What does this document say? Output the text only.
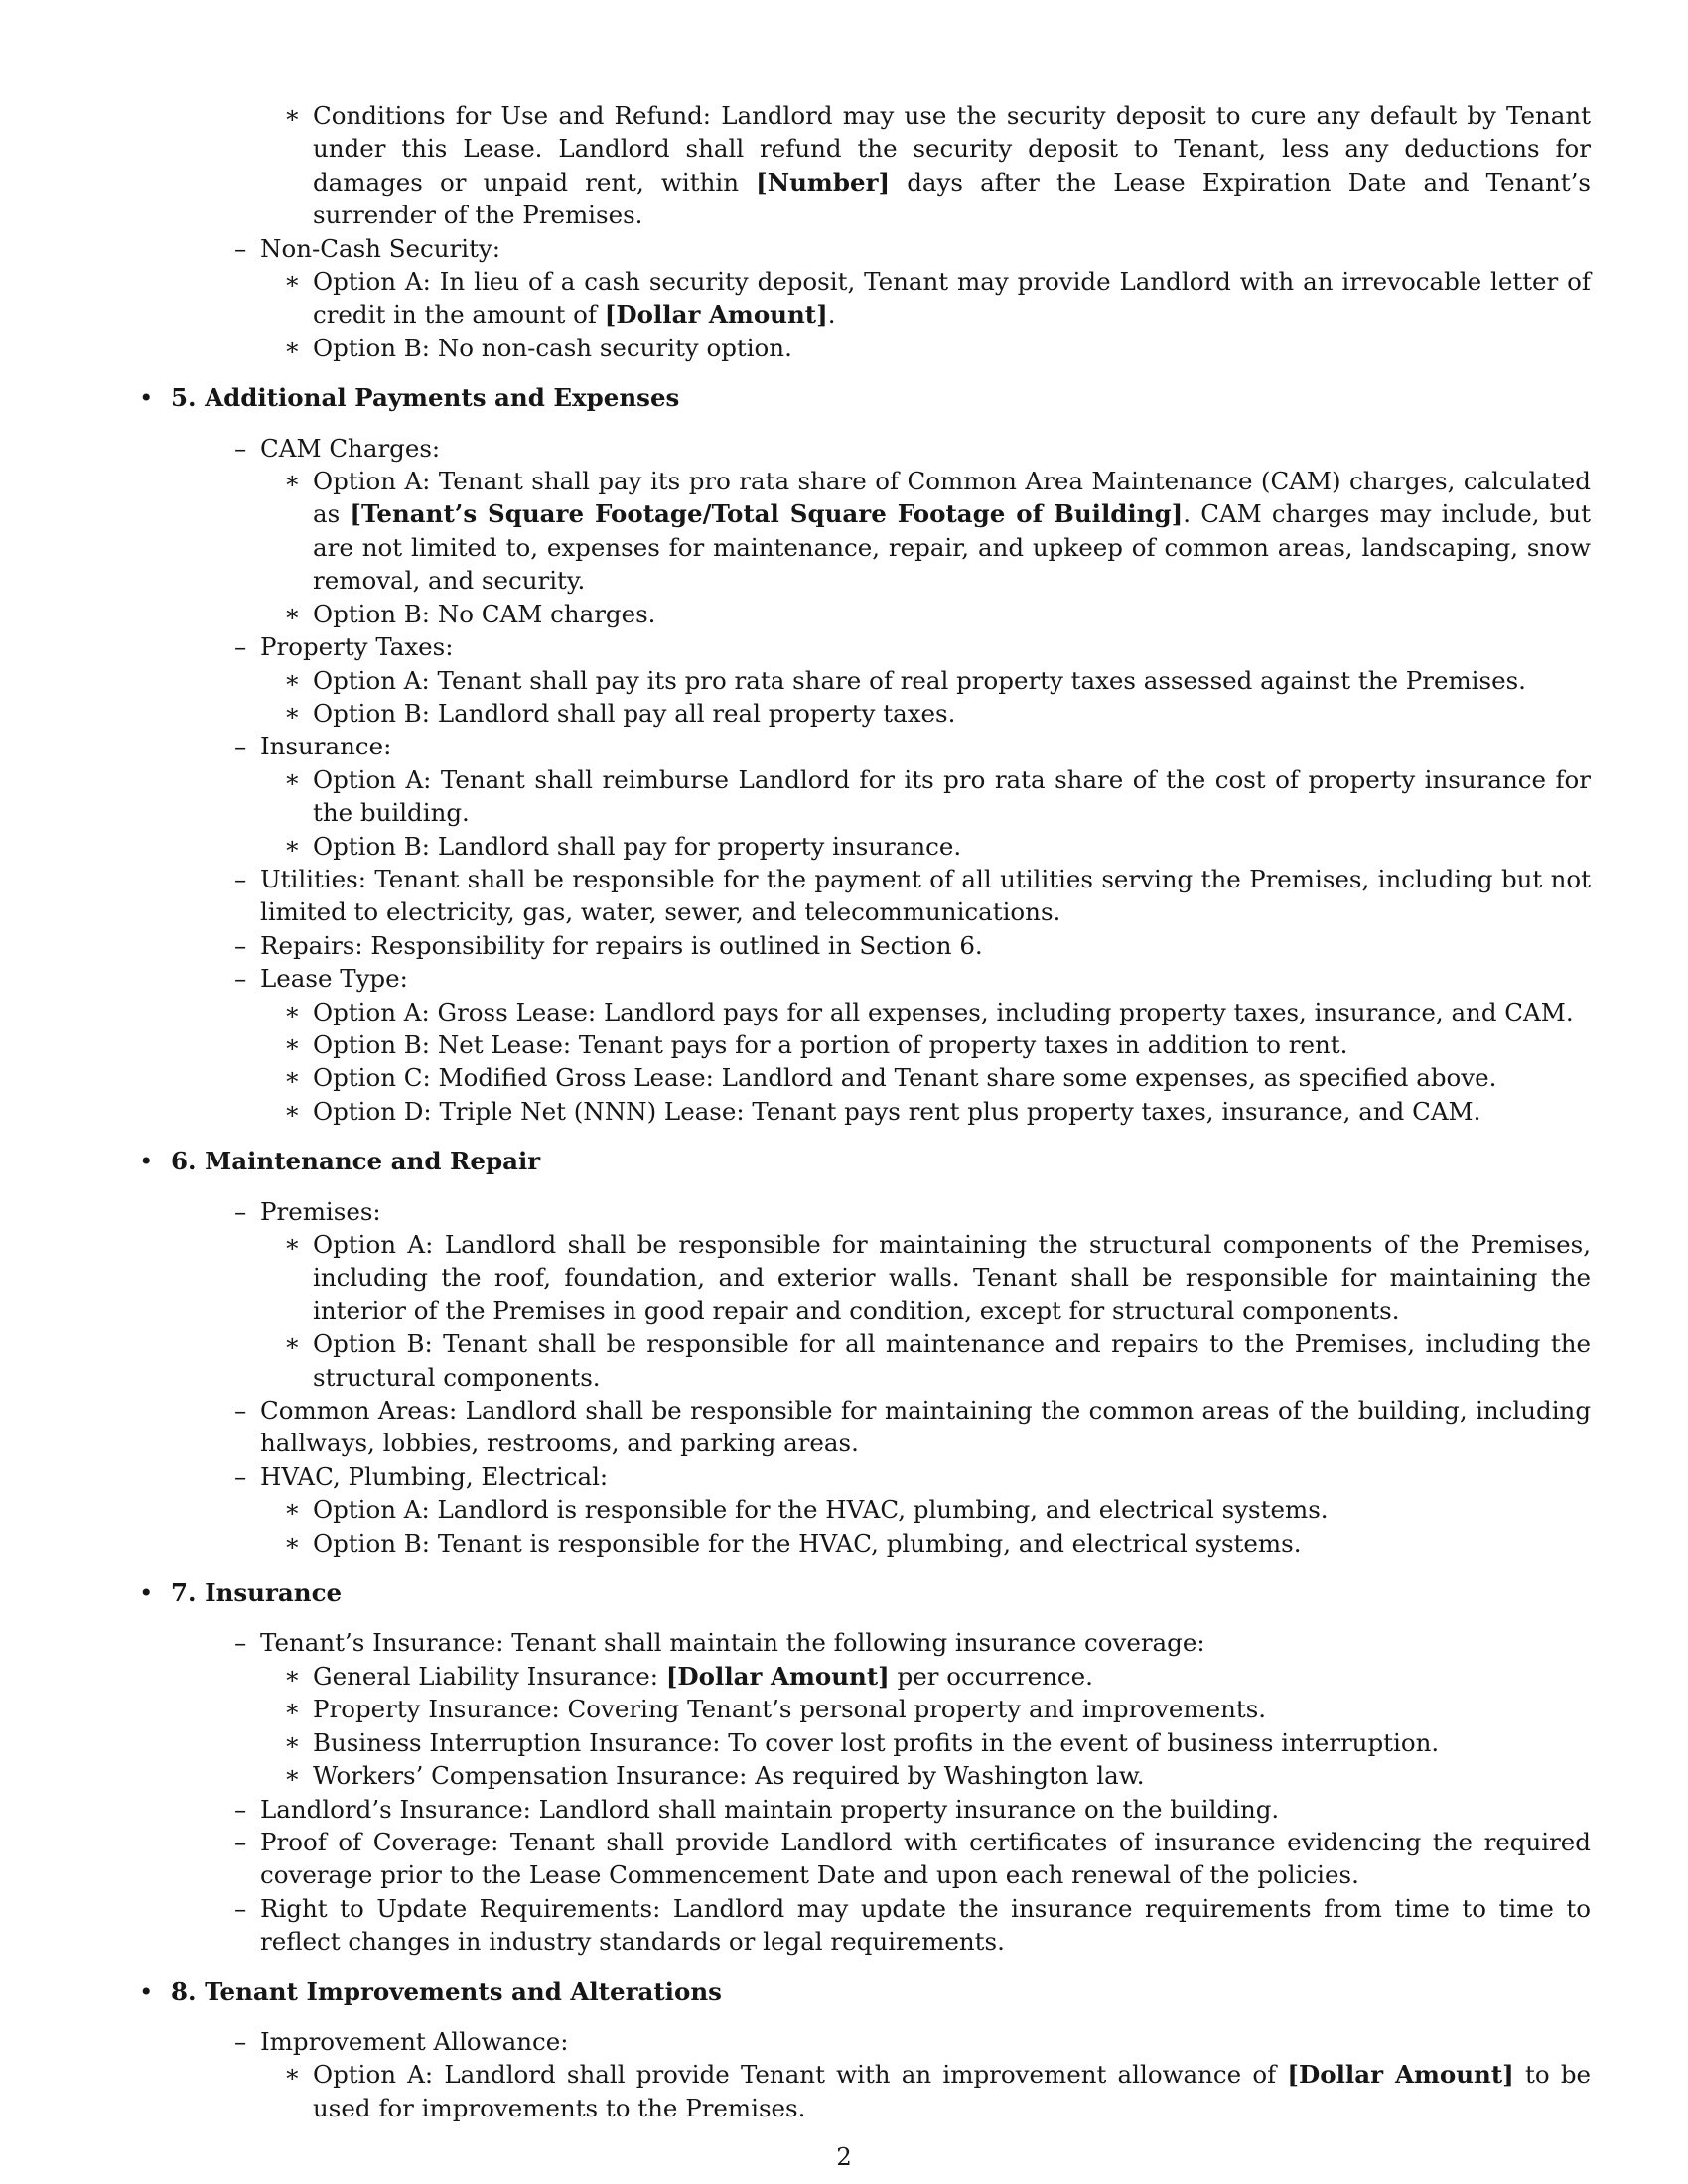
∗ Conditions for Use and Refund: Landlord may use the security deposit to cure any default by Tenant under this Lease. Landlord shall refund the security deposit to Tenant, less any deductions for damages or unpaid rent, within [Number] days after the Lease Expiration Date and Tenant’s surrender of the Premises.
– Non-Cash Security:
∗ Option A: In lieu of a cash security deposit, Tenant may provide Landlord with an irrevocable letter of credit in the amount of [Dollar Amount].
∗ Option B: No non-cash security option.
• 5. Additional Payments and Expenses
– CAM Charges:
∗ Option A: Tenant shall pay its pro rata share of Common Area Maintenance (CAM) charges, calculated as [Tenant’s Square Footage/Total Square Footage of Building]. CAM charges may include, but are not limited to, expenses for maintenance, repair, and upkeep of common areas, landscaping, snow removal, and security.
∗ Option B: No CAM charges.
– Property Taxes:
∗ Option A: Tenant shall pay its pro rata share of real property taxes assessed against the Premises.
∗ Option B: Landlord shall pay all real property taxes.
– Insurance:
∗ Option A: Tenant shall reimburse Landlord for its pro rata share of the cost of property insurance for the building.
∗ Option B: Landlord shall pay for property insurance.
– Utilities: Tenant shall be responsible for the payment of all utilities serving the Premises, including but not limited to electricity, gas, water, sewer, and telecommunications.
– Repairs: Responsibility for repairs is outlined in Section 6.
– Lease Type:
∗ Option A: Gross Lease: Landlord pays for all expenses, including property taxes, insurance, and CAM.
∗ Option B: Net Lease: Tenant pays for a portion of property taxes in addition to rent.
∗ Option C: Modified Gross Lease: Landlord and Tenant share some expenses, as specified above.
∗ Option D: Triple Net (NNN) Lease: Tenant pays rent plus property taxes, insurance, and CAM.
• 6. Maintenance and Repair
– Premises:
∗ Option A: Landlord shall be responsible for maintaining the structural components of the Premises, including the roof, foundation, and exterior walls. Tenant shall be responsible for maintaining the interior of the Premises in good repair and condition, except for structural components.
∗ Option B: Tenant shall be responsible for all maintenance and repairs to the Premises, including the structural components.
– Common Areas: Landlord shall be responsible for maintaining the common areas of the building, including hallways, lobbies, restrooms, and parking areas.
– HVAC, Plumbing, Electrical:
∗ Option A: Landlord is responsible for the HVAC, plumbing, and electrical systems.
∗ Option B: Tenant is responsible for the HVAC, plumbing, and electrical systems.
• 7. Insurance
– Tenant’s Insurance: Tenant shall maintain the following insurance coverage:
∗ General Liability Insurance: [Dollar Amount] per occurrence.
∗ Property Insurance: Covering Tenant’s personal property and improvements.
∗ Business Interruption Insurance: To cover lost profits in the event of business interruption.
∗ Workers’ Compensation Insurance: As required by Washington law.
– Landlord’s Insurance: Landlord shall maintain property insurance on the building.
– Proof of Coverage: Tenant shall provide Landlord with certificates of insurance evidencing the required coverage prior to the Lease Commencement Date and upon each renewal of the policies.
– Right to Update Requirements: Landlord may update the insurance requirements from time to time to reflect changes in industry standards or legal requirements.
• 8. Tenant Improvements and Alterations
– Improvement Allowance:
∗ Option A: Landlord shall provide Tenant with an improvement allowance of [Dollar Amount] to be used for improvements to the Premises.
2
